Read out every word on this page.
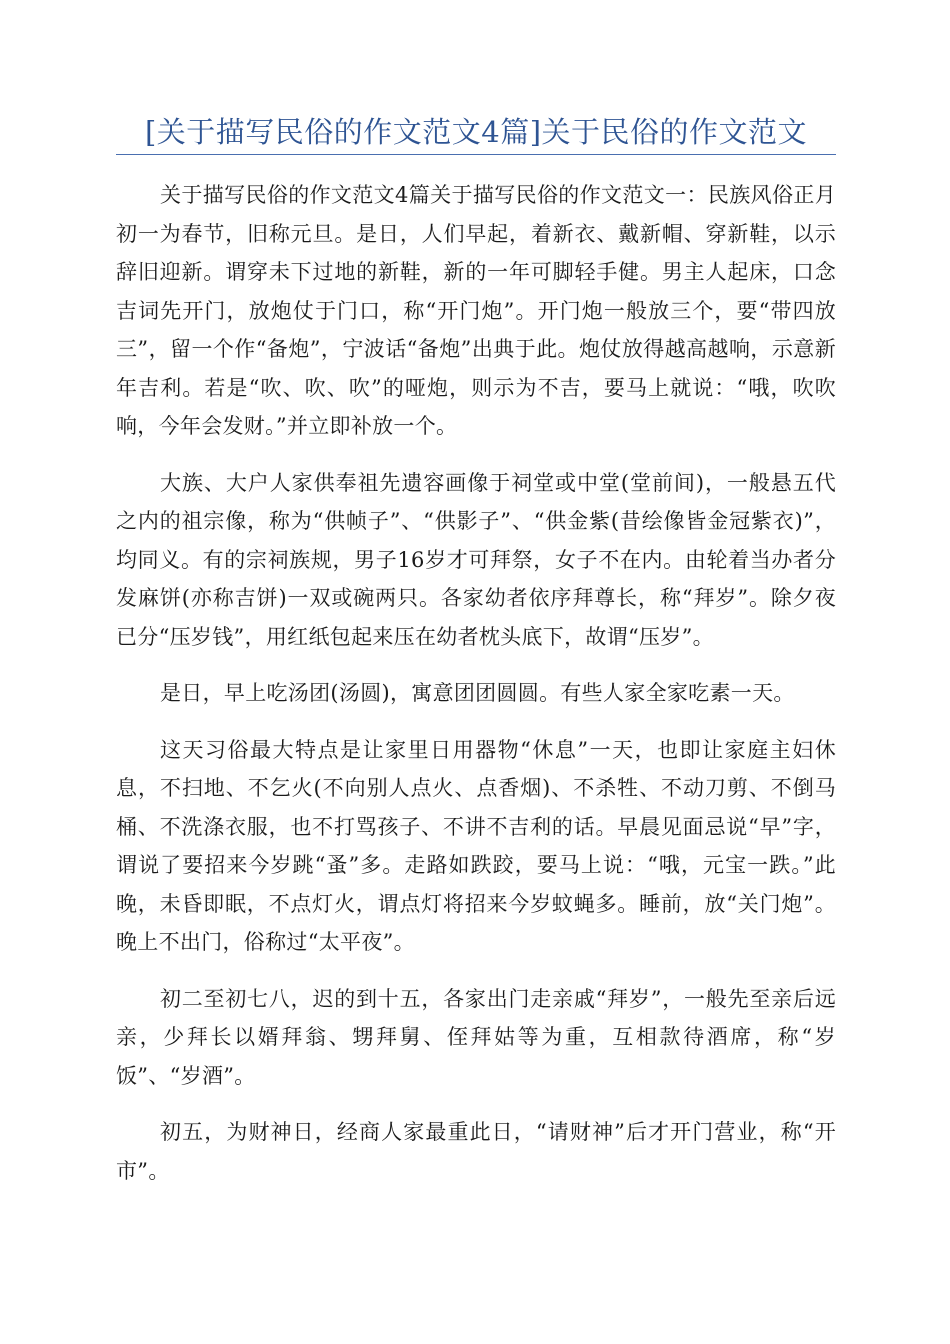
[关于描写民俗的作文范文4篇]关于民俗的作文范文

关于描写民俗的作文范文4篇关于描写民俗的作文范文一：民族风俗正月初一为春节，旧称元旦。是日，人们早起，着新衣、戴新帽、穿新鞋，以示辞旧迎新。谓穿未下过地的新鞋，新的一年可脚轻手健。男主人起床，口念吉词先开门，放炮仗于门口，称“开门炮”。开门炮一般放三个，要“带四放三”，留一个作“备炮”，宁波话“备炮”出典于此。炮仗放得越高越响，示意新年吉利。若是“吹、吹、吹”的哑炮，则示为不吉，要马上就说：“哦，吹吹响，今年会发财。”并立即补放一个。

大族、大户人家供奉祖先遗容画像于祠堂或中堂(堂前间)，一般悬五代之内的祖宗像，称为“供帧子”、“供影子”、“供金紫(昔绘像皆金冠紫衣)”，均同义。有的宗祠族规，男子16岁才可拜祭，女子不在内。由轮着当办者分发麻饼(亦称吉饼)一双或碗两只。各家幼者依序拜尊长，称“拜岁”。除夕夜已分“压岁钱”，用红纸包起来压在幼者枕头底下，故谓“压岁”。

是日，早上吃汤团(汤圆)，寓意团团圆圆。有些人家全家吃素一天。

这天习俗最大特点是让家里日用器物“休息”一天，也即让家庭主妇休息，不扫地、不乞火(不向别人点火、点香烟)、不杀牲、不动刀剪、不倒马桶、不洗涤衣服，也不打骂孩子、不讲不吉利的话。早晨见面忌说“早”字，谓说了要招来今岁跳“蚤”多。走路如跌跤，要马上说：“哦，元宝一跌。”此晚，未昏即眠，不点灯火，谓点灯将招来今岁蚊蝇多。睡前，放“关门炮”。晚上不出门，俗称过“太平夜”。

初二至初七八，迟的到十五，各家出门走亲戚“拜岁”，一般先至亲后远亲，少拜长以婿拜翁、甥拜舅、侄拜姑等为重，互相款待酒席，称“岁饭”、“岁酒”。

初五，为财神日，经商人家最重此日，“请财神”后才开门营业，称“开市”。
